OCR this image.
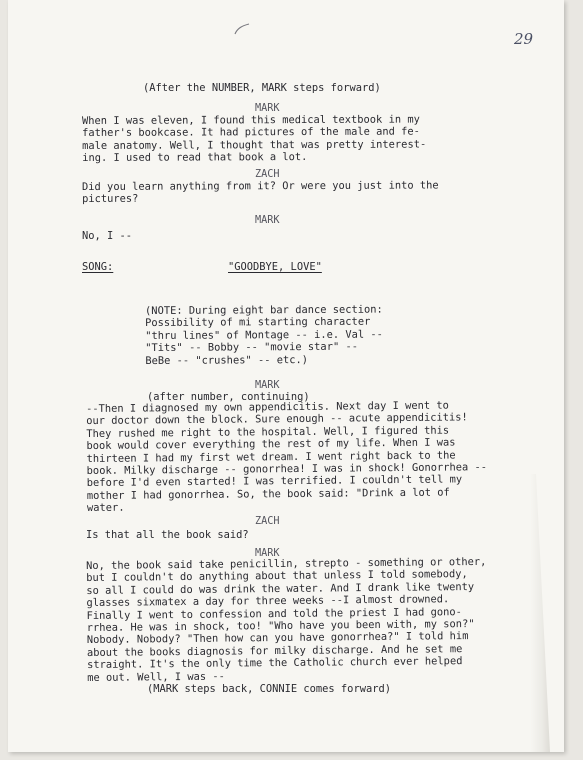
29
(After the NUMBER, MARK steps forward)
MARK
When I was eleven, I found this medical textbook in my
father's bookcase. It had pictures of the male and fe-
male anatomy. Well, I thought that was pretty interest-
ing. I used to read that book a lot.
ZACH
Did you learn anything from it? Or were you just into the
pictures?
MARK
No, I --
SONG:	"GOODBYE, LOVE"
(NOTE: During eight bar dance section:
Possibility of mi starting character
"thru lines" of Montage -- i.e. Val --
"Tits" -- Bobby -- "movie star" --
BeBe -- "crushes" -- etc.)
MARK
(after number, continuing)
--Then I diagnosed my own appendicitis. Next day I went to
our doctor down the block. Sure enough -- acute appendicitis!
They rushed me right to the hospital. Well, I figured this
book would cover everything the rest of my life. When I was
thirteen I had my first wet dream. I went right back to the
book. Milky discharge -- gonorrhea! I was in shock! Gonorrhea --
before I'd even started! I was terrified. I couldn't tell my
mother I had gonorrhea. So, the book said: "Drink a lot of
water.
ZACH
Is that all the book said?
MARK
No, the book said take penicillin, strepto - something or other,
but I couldn't do anything about that unless I told somebody,
so all I could do was drink the water. And I drank like twenty
glasses sixmatex a day for three weeks --I almost drowned.
Finally I went to confession and told the priest I had gono-
rrhea. He was in shock, too! "Who have you been with, my son?"
Nobody. Nobody? "Then how can you have gonorrhea?" I told him
about the books diagnosis for milky discharge. And he set me
straight. It's the only time the Catholic church ever helped
me out. Well, I was --
(MARK steps back, CONNIE comes forward)
